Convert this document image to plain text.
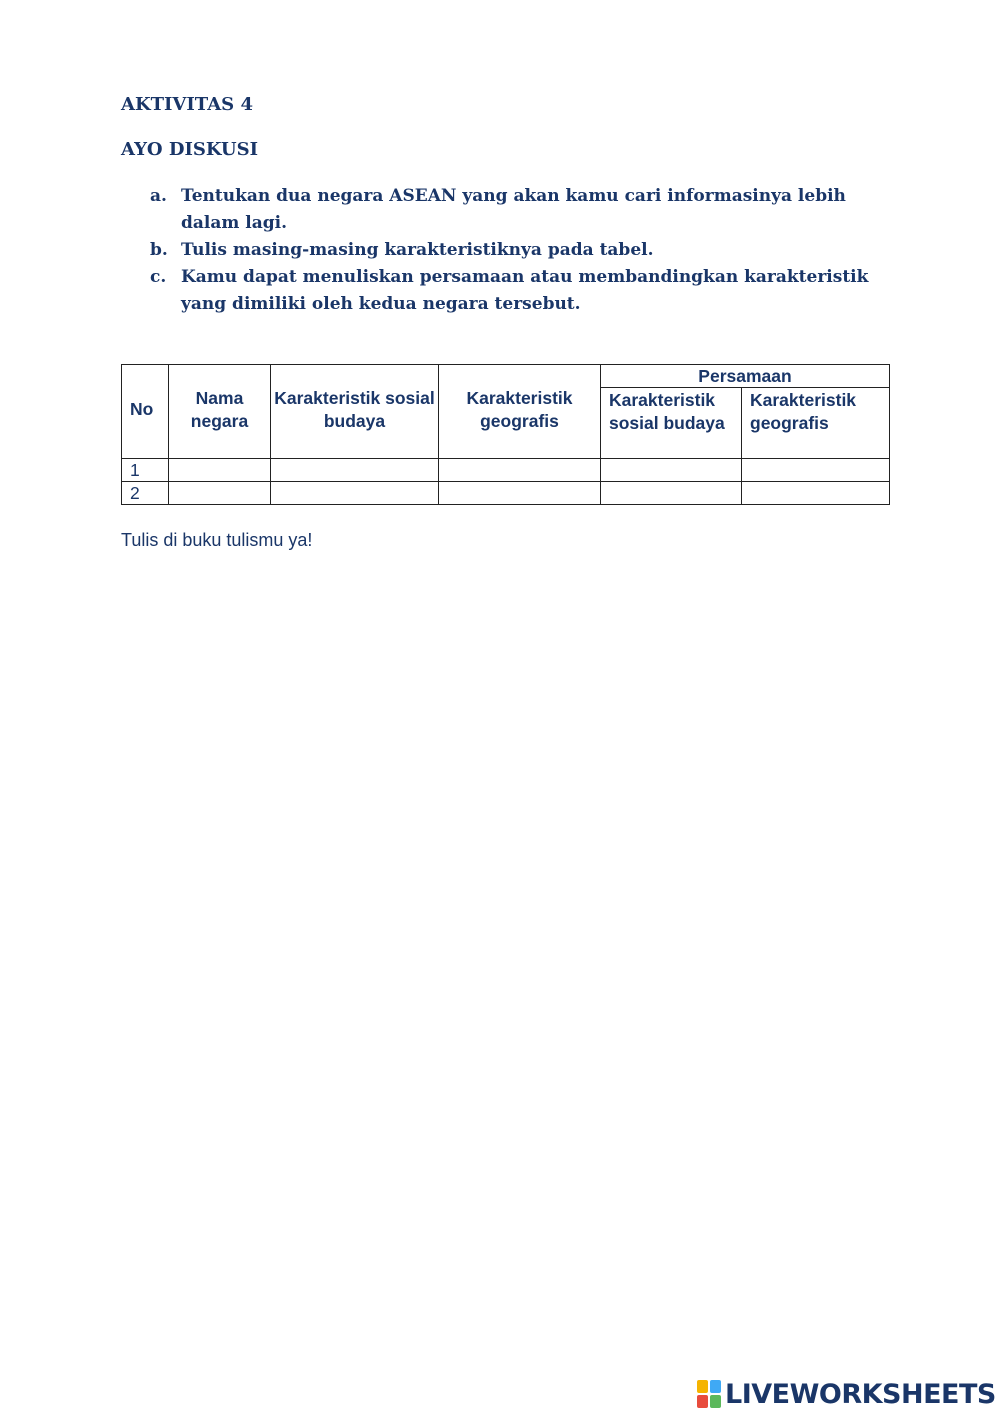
AKTIVITAS 4
AYO DISKUSI
a. Tentukan dua negara ASEAN yang akan kamu cari informasinya lebih dalam lagi.
b. Tulis masing-masing karakteristiknya pada tabel.
c. Kamu dapat menuliskan persamaan atau membandingkan karakteristik yang dimiliki oleh kedua negara tersebut.
No	Nama negara	Karakteristik sosial budaya	Karakteristik geografis	Persamaan	
				Karakteristik sosial budaya	Karakteristik geografis
1					
2					
Tulis di buku tulismu ya!
LIVEWORKSHEETS
